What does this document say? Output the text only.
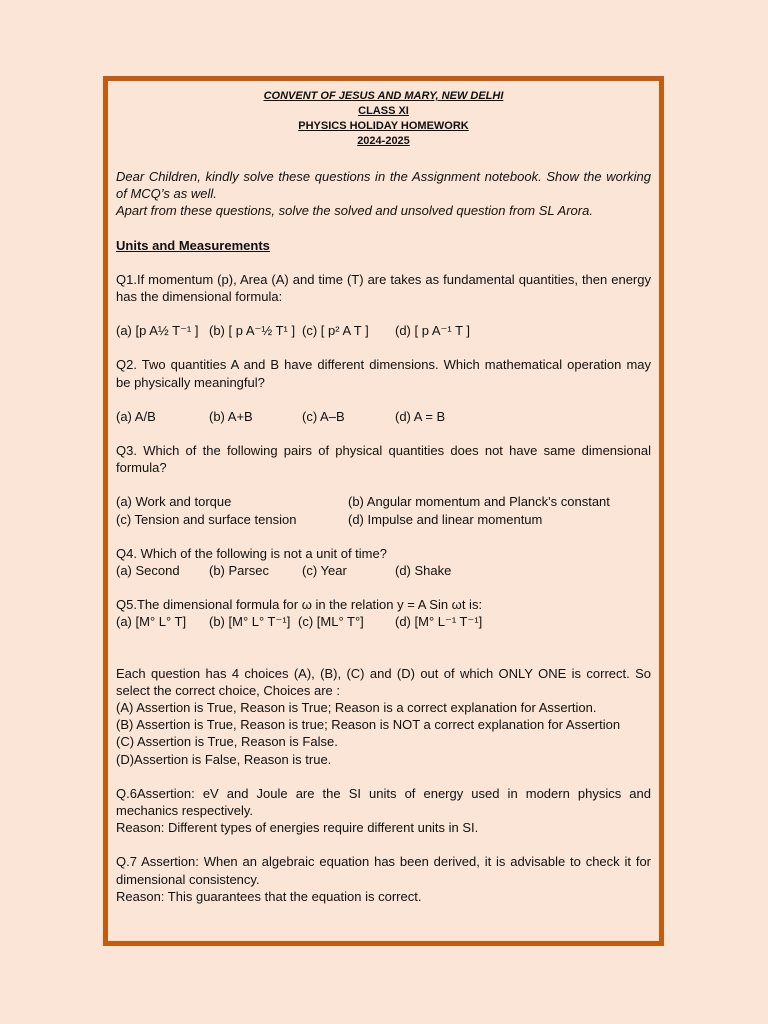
CONVENT OF JESUS AND MARY, NEW DELHI
CLASS XI
PHYSICS HOLIDAY HOMEWORK
2024-2025
Dear Children, kindly solve these questions in the Assignment notebook. Show the working of MCQ’s as well.
Apart from these questions, solve the solved and unsolved question from SL Arora.
Units and Measurements
Q1.If momentum (p), Area (A) and time (T) are takes as fundamental quantities, then energy has the dimensional formula:
(a) [p A½ T⁻¹ ] (b) [ p A⁻½ T¹ ] (c) [ p² A T ]	(d) [ p A⁻¹ T ]
Q2. Two quantities A and B have different dimensions. Which mathematical operation may be physically meaningful?
(a) A/B	(b) A+B	(c) A–B	(d) A = B
Q3. Which of the following pairs of physical quantities does not have same dimensional formula?
(a) Work and torque	(b) Angular momentum and Planck's constant
(c) Tension and surface tension	(d) Impulse and linear momentum
Q4. Which of the following is not a unit of time?
(a) Second	(b) Parsec	(c) Year	(d) Shake
Q5.The dimensional formula for ω in the relation y = A Sin ωt is:
(a) [M° L° T]	(b) [M° L° T⁻¹] (c) [ML° T°]	(d) [M° L⁻¹ T⁻¹]
Each question has 4 choices (A), (B), (C) and (D) out of which ONLY ONE is correct. So select the correct choice, Choices are :
(A) Assertion is True, Reason is True; Reason is a correct explanation for Assertion.
(B) Assertion is True, Reason is true; Reason is NOT a correct explanation for Assertion
(C) Assertion is True, Reason is False.
(D)Assertion is False, Reason is true.
Q.6Assertion: eV and Joule are the SI units of energy used in modern physics and mechanics respectively.
Reason: Different types of energies require different units in SI.
Q.7 Assertion: When an algebraic equation has been derived, it is advisable to check it for dimensional consistency.
Reason: This guarantees that the equation is correct.
